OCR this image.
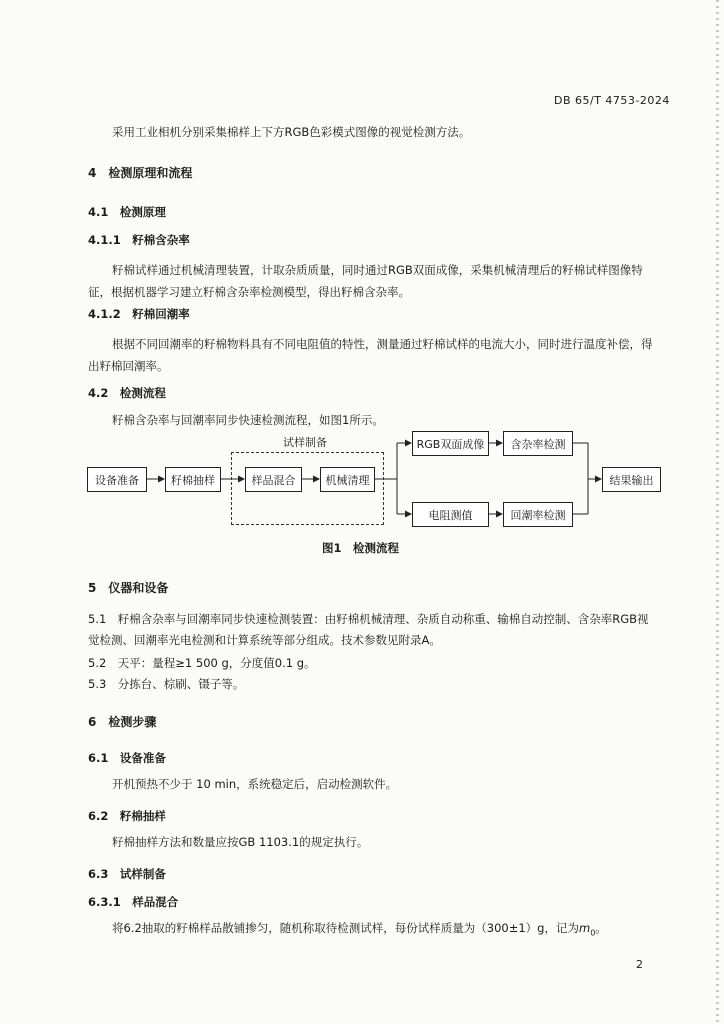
DB 65/T 4753-2024
采用工业相机分别采集棉样上下方RGB色彩模式图像的视觉检测方法。
4　检测原理和流程
4.1　检测原理
4.1.1　籽棉含杂率
籽棉试样通过机械清理装置，计取杂质质量，同时通过RGB双面成像，采集机械清理后的籽棉试样图像特征，根据机器学习建立籽棉含杂率检测模型，得出籽棉含杂率。
4.1.2　籽棉回潮率
根据不同回潮率的籽棉物料具有不同电阻值的特性，测量通过籽棉试样的电流大小，同时进行温度补偿，得出籽棉回潮率。
4.2　检测流程
籽棉含杂率与回潮率同步快速检测流程，如图1所示。
试样制备
设备准备	籽棉抽样	样品混合	机械清理
RGB双面成像	含杂率检测
电阻测值	回潮率检测
结果输出
图1　检测流程
5　仪器和设备
5.1　籽棉含杂率与回潮率同步快速检测装置：由籽棉机械清理、杂质自动称重、输棉自动控制、含杂率RGB视觉检测、回潮率光电检测和计算系统等部分组成。技术参数见附录A。
5.2　天平：量程≥1 500 g，分度值0.1 g。
5.3　分拣台、棕刷、镊子等。
6　检测步骤
6.1　设备准备
开机预热不少于 10 min，系统稳定后，启动检测软件。
6.2　籽棉抽样
籽棉抽样方法和数量应按GB 1103.1的规定执行。
6.3　试样制备
6.3.1　样品混合
将6.2抽取的籽棉样品散铺掺匀，随机称取待检测试样，每份试样质量为（300±1）g，记为$m_0$。
2
